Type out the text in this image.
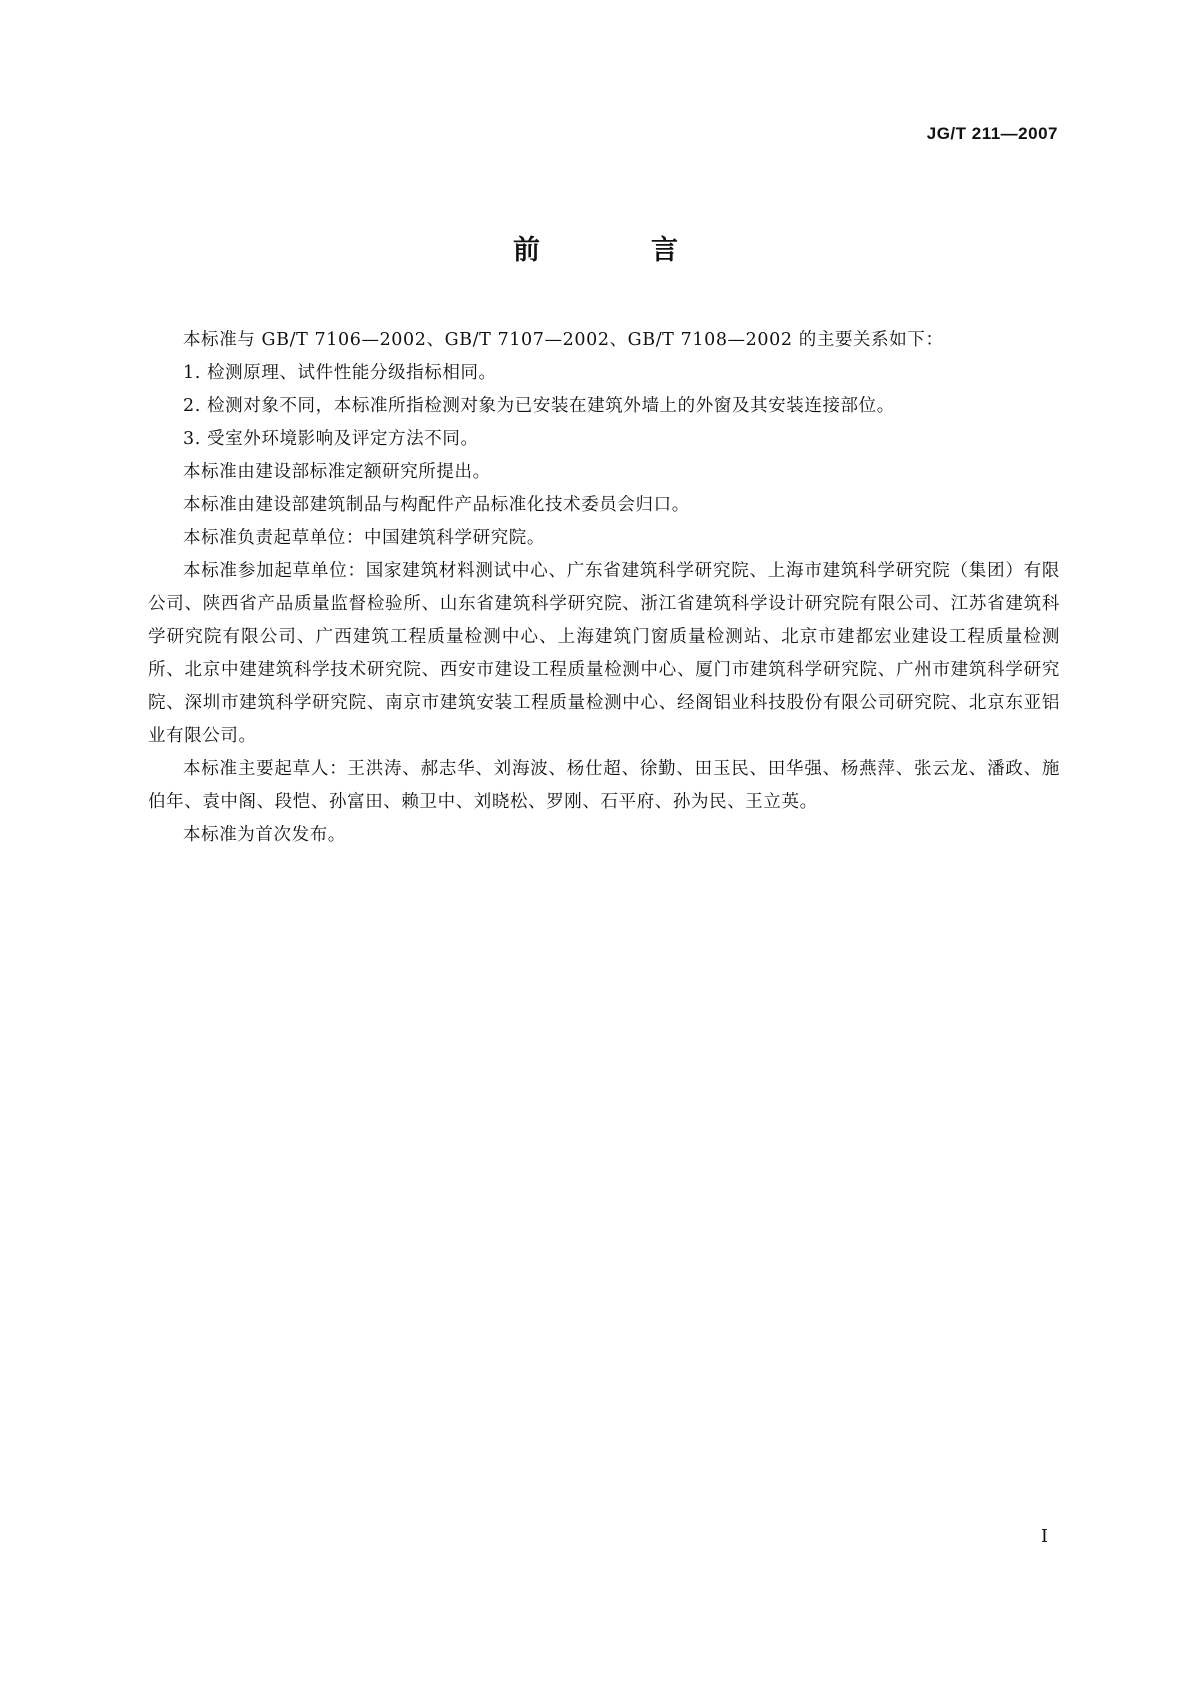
JG/T 211—2007
前　言

本标准与 GB/T 7106—2002、GB/T 7107—2002、GB/T 7108—2002 的主要关系如下：

1. 检测原理、试件性能分级指标相同。

2. 检测对象不同，本标准所指检测对象为已安装在建筑外墙上的外窗及其安装连接部位。

3. 受室外环境影响及评定方法不同。

本标准由建设部标准定额研究所提出。

本标准由建设部建筑制品与构配件产品标准化技术委员会归口。

本标准负责起草单位：中国建筑科学研究院。

本标准参加起草单位：国家建筑材料测试中心、广东省建筑科学研究院、上海市建筑科学研究院（集团）有限公司、陕西省产品质量监督检验所、山东省建筑科学研究院、浙江省建筑科学设计研究院有限公司、江苏省建筑科学研究院有限公司、广西建筑工程质量检测中心、上海建筑门窗质量检测站、北京市建都宏业建设工程质量检测所、北京中建建筑科学技术研究院、西安市建设工程质量检测中心、厦门市建筑科学研究院、广州市建筑科学研究院、深圳市建筑科学研究院、南京市建筑安装工程质量检测中心、经阁铝业科技股份有限公司研究院、北京东亚铝业有限公司。

本标准主要起草人：王洪涛、郝志华、刘海波、杨仕超、徐勤、田玉民、田华强、杨燕萍、张云龙、潘政、施伯年、袁中阁、段恺、孙富田、赖卫中、刘晓松、罗刚、石平府、孙为民、王立英。

本标准为首次发布。

I
